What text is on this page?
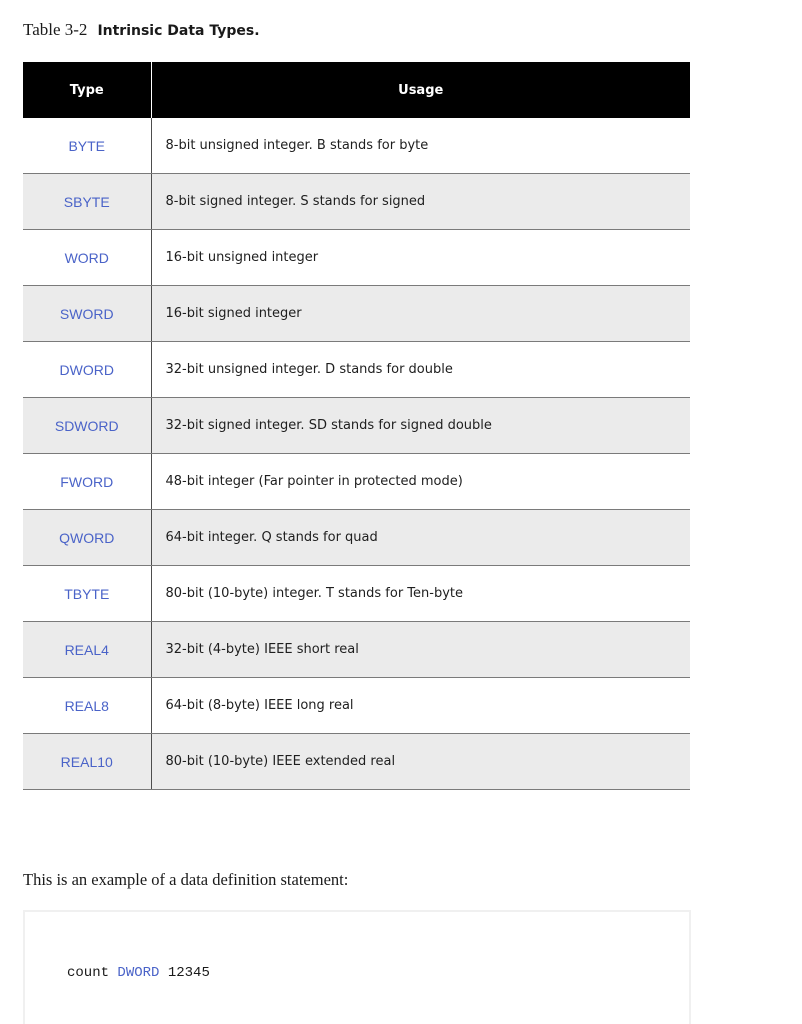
Table 3-2 Intrinsic Data Types.
Type	Usage
BYTE	8-bit unsigned integer. B stands for byte
SBYTE	8-bit signed integer. S stands for signed
WORD	16-bit unsigned integer
SWORD	16-bit signed integer
DWORD	32-bit unsigned integer. D stands for double
SDWORD	32-bit signed integer. SD stands for signed double
FWORD	48-bit integer (Far pointer in protected mode)
QWORD	64-bit integer. Q stands for quad
TBYTE	80-bit (10-byte) integer. T stands for Ten-byte
REAL4	32-bit (4-byte) IEEE short real
REAL8	64-bit (8-byte) IEEE long real
REAL10	80-bit (10-byte) IEEE extended real

This is an example of a data definition statement:

count DWORD 12345
